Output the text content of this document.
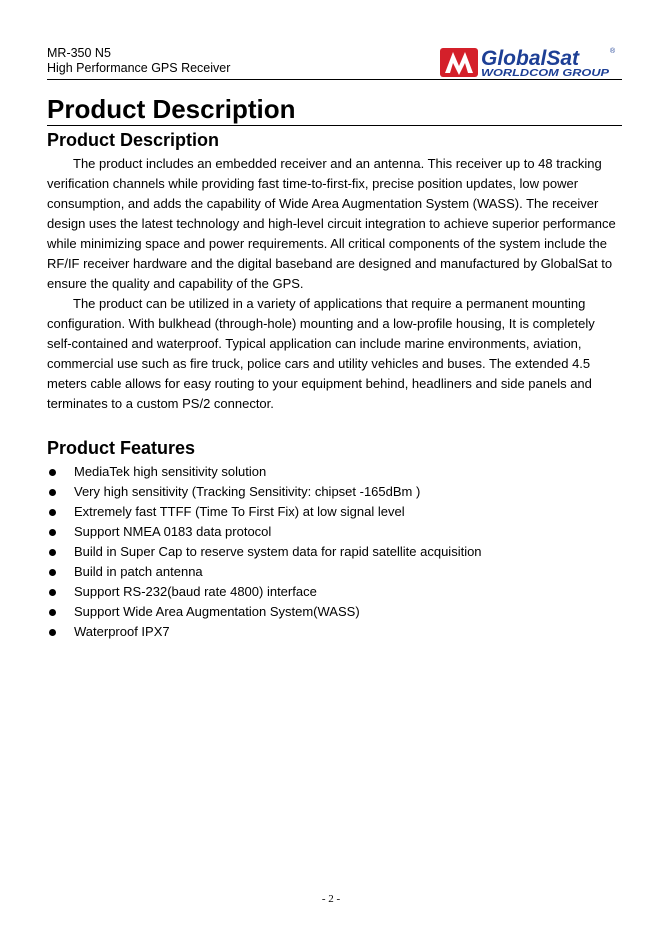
MR-350 N5
High Performance GPS Receiver	GlobalSat	®
WORLDCOM GROUP
Product Description
Product Description

The product includes an embedded receiver and an antenna. This receiver up to 48 tracking verification channels while providing fast time-to-first-fix, precise position updates, low power consumption, and adds the capability of Wide Area Augmentation System (WASS). The receiver design uses the latest technology and high-level circuit integration to achieve superior performance while minimizing space and power requirements. All critical components of the system include the RF/IF receiver hardware and the digital baseband are designed and manufactured by GlobalSat to ensure the quality and capability of the GPS.

The product can be utilized in a variety of applications that require a permanent mounting configuration. With bulkhead (through-hole) mounting and a low-profile housing, It is completely self-contained and waterproof. Typical application can include marine environments, aviation, commercial use such as fire truck, police cars and utility vehicles and buses. The extended 4.5 meters cable allows for easy routing to your equipment behind, headliners and side panels and terminates to a custom PS/2 connector.

Product Features
MediaTek high sensitivity solution
Very high sensitivity (Tracking Sensitivity: chipset -165dBm )
Extremely fast TTFF (Time To First Fix) at low signal level
Support NMEA 0183 data protocol
Build in Super Cap to reserve system data for rapid satellite acquisition
Build in patch antenna
Support RS-232(baud rate 4800) interface
Support Wide Area Augmentation System(WASS)
Waterproof IPX7
- 2 -
